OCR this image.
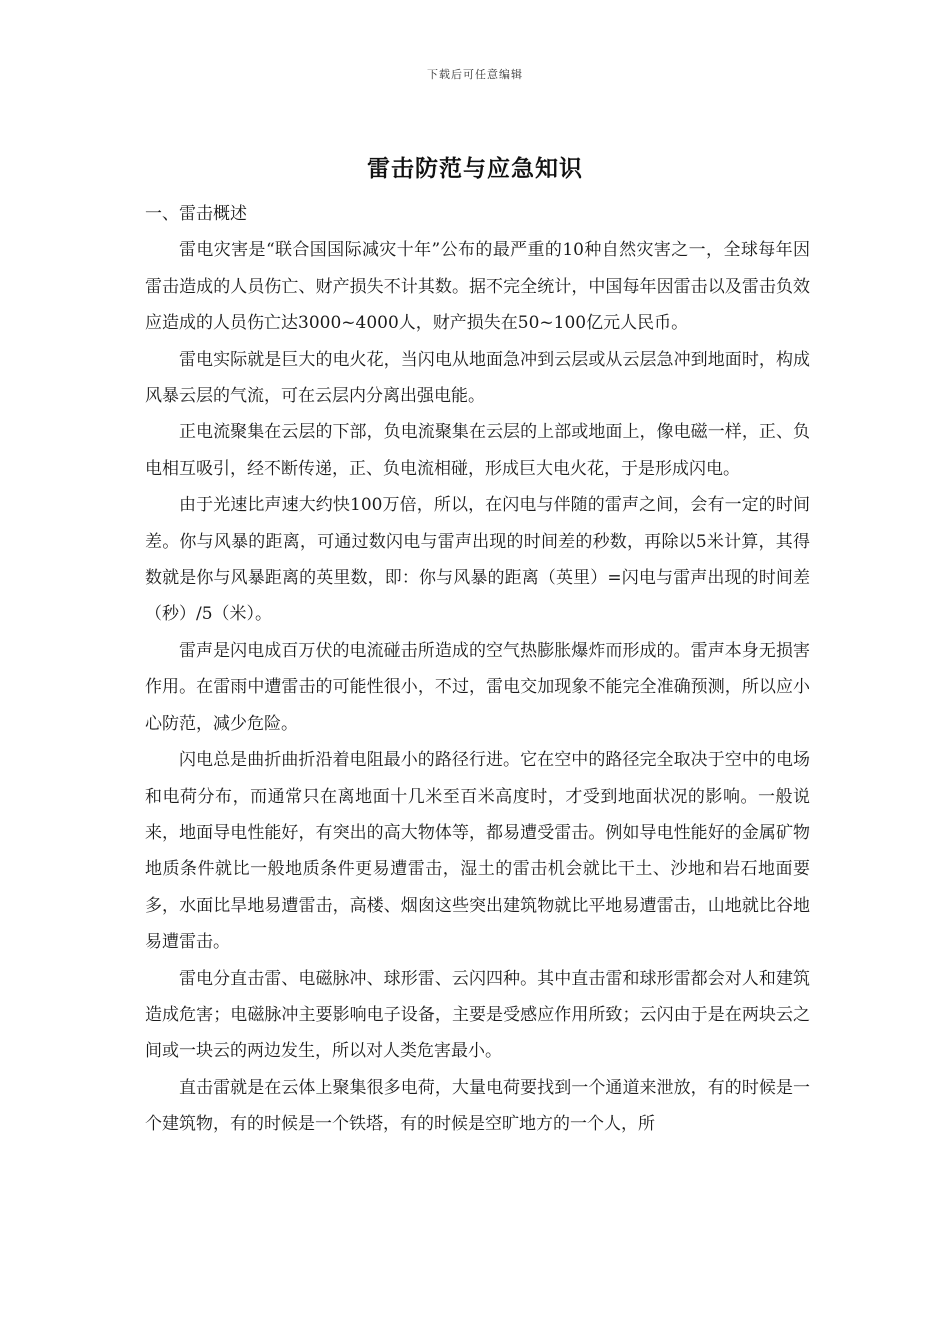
下载后可任意编辑
雷击防范与应急知识

一、雷击概述

雷电灾害是“联合国国际减灾十年”公布的最严重的10种自然灾害之一，全球每年因雷击造成的人员伤亡、财产损失不计其数。据不完全统计，中国每年因雷击以及雷击负效应造成的人员伤亡达3000~4000人，财产损失在50~100亿元人民币。

雷电实际就是巨大的电火花，当闪电从地面急冲到云层或从云层急冲到地面时，构成风暴云层的气流，可在云层内分离出强电能。

正电流聚集在云层的下部，负电流聚集在云层的上部或地面上，像电磁一样，正、负电相互吸引，经不断传递，正、负电流相碰，形成巨大电火花，于是形成闪电。

由于光速比声速大约快100万倍，所以，在闪电与伴随的雷声之间，会有一定的时间差。你与风暴的距离，可通过数闪电与雷声出现的时间差的秒数，再除以5米计算，其得数就是你与风暴距离的英里数，即：你与风暴的距离（英里）=闪电与雷声出现的时间差（秒）/5（米）。

雷声是闪电成百万伏的电流碰击所造成的空气热膨胀爆炸而形成的。雷声本身无损害作用。在雷雨中遭雷击的可能性很小，不过，雷电交加现象不能完全准确预测，所以应小心防范，减少危险。

闪电总是曲折曲折沿着电阻最小的路径行进。它在空中的路径完全取决于空中的电场和电荷分布，而通常只在离地面十几米至百米高度时，才受到地面状况的影响。一般说来，地面导电性能好，有突出的高大物体等，都易遭受雷击。例如导电性能好的金属矿物地质条件就比一般地质条件更易遭雷击，湿土的雷击机会就比干土、沙地和岩石地面要多，水面比旱地易遭雷击，高楼、烟囱这些突出建筑物就比平地易遭雷击，山地就比谷地易遭雷击。

雷电分直击雷、电磁脉冲、球形雷、云闪四种。其中直击雷和球形雷都会对人和建筑造成危害；电磁脉冲主要影响电子设备，主要是受感应作用所致；云闪由于是在两块云之间或一块云的两边发生，所以对人类危害最小。

直击雷就是在云体上聚集很多电荷，大量电荷要找到一个通道来泄放，有的时候是一个建筑物，有的时候是一个铁塔，有的时候是空旷地方的一个人，所
